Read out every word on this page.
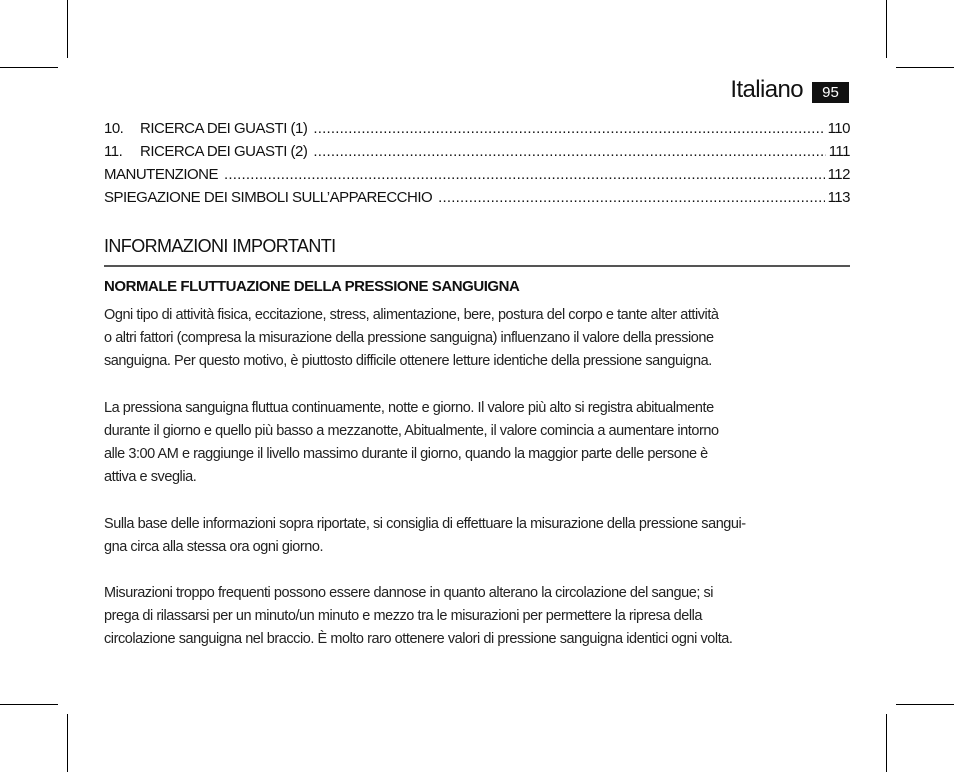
Italiano	95
10.	RICERCA DEI GUASTI (1) .....	110
11.	RICERCA DEI GUASTI (2) .....	111
MANUTENZIONE .....	112
SPIEGAZIONE DEI SIMBOLI SULL’APPARECCHIO .....	113
INFORMAZIONI IMPORTANTI
NORMALE FLUTTUAZIONE DELLA PRESSIONE SANGUIGNA
Ogni tipo di attività fisica, eccitazione, stress, alimentazione, bere, postura del corpo e tante alter attività
o altri fattori (compresa la misurazione della pressione sanguigna) influenzano il valore della pressione
sanguigna. Per questo motivo, è piuttosto difficile ottenere letture identiche della pressione sanguigna.
La pressiona sanguigna fluttua continuamente, notte e giorno. Il valore più alto si registra abitualmente
durante il giorno e quello più basso a mezzanotte, Abitualmente, il valore comincia a aumentare intorno
alle 3:00 AM e raggiunge il livello massimo durante il giorno, quando la maggior parte delle persone è
attiva e sveglia.
Sulla base delle informazioni sopra riportate, si consiglia di effettuare la misurazione della pressione sangui-
gna circa alla stessa ora ogni giorno.
Misurazioni troppo frequenti possono essere dannose in quanto alterano la circolazione del sangue; si
prega di rilassarsi per un minuto/un minuto e mezzo tra le misurazioni per permettere la ripresa della
circolazione sanguigna nel braccio. È molto raro ottenere valori di pressione sanguigna identici ogni volta.
